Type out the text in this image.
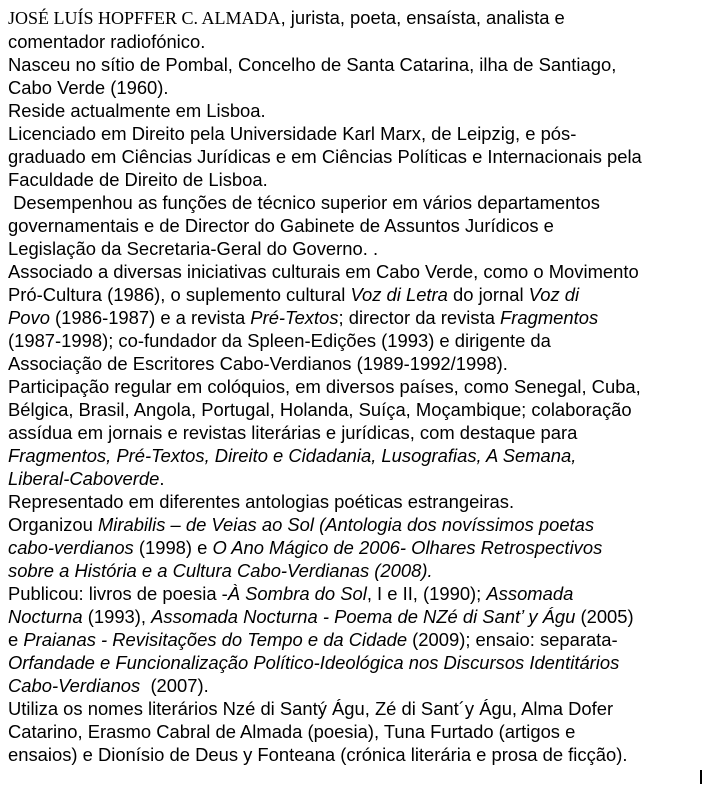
JOSÉ LUÍS HOPFFER C. ALMADA, jurista, poeta, ensaísta, analista e
comentador radiofónico.
Nasceu no sítio de Pombal, Concelho de Santa Catarina, ilha de Santiago,
Cabo Verde (1960).
Reside actualmente em Lisboa.
Licenciado em Direito pela Universidade Karl Marx, de Leipzig, e pós-
graduado em Ciências Jurídicas e em Ciências Políticas e Internacionais pela
Faculdade de Direito de Lisboa.
Desempenhou as funções de técnico superior em vários departamentos
governamentais e de Director do Gabinete de Assuntos Jurídicos e
Legislação da Secretaria-Geral do Governo. .
Associado a diversas iniciativas culturais em Cabo Verde, como o Movimento
Pró-Cultura (1986), o suplemento cultural Voz di Letra do jornal Voz di
Povo (1986-1987) e a revista Pré-Textos; director da revista Fragmentos
(1987-1998); co-fundador da Spleen-Edições (1993) e dirigente da
Associação de Escritores Cabo-Verdianos (1989-1992/1998).
Participação regular em colóquios, em diversos países, como Senegal, Cuba,
Bélgica, Brasil, Angola, Portugal, Holanda, Suíça, Moçambique; colaboração
assídua em jornais e revistas literárias e jurídicas, com destaque para
Fragmentos, Pré-Textos, Direito e Cidadania, Lusografias, A Semana,
Liberal-Caboverde.
Representado em diferentes antologias poéticas estrangeiras.
Organizou Mirabilis – de Veias ao Sol (Antologia dos novíssimos poetas
cabo-verdianos (1998) e O Ano Mágico de 2006- Olhares Retrospectivos
sobre a História e a Cultura Cabo-Verdianas (2008).
Publicou: livros de poesia -À Sombra do Sol, I e II, (1990); Assomada
Nocturna (1993), Assomada Nocturna - Poema de NZé di Sant’ y Águ (2005)
e Praianas - Revisitações do Tempo e da Cidade (2009); ensaio: separata-
Orfandade e Funcionalização Político-Ideológica nos Discursos Identitários
Cabo-Verdianos  (2007).
Utiliza os nomes literários Nzé di Santý Águ, Zé di Sant´y Águ, Alma Dofer
Catarino, Erasmo Cabral de Almada (poesia), Tuna Furtado (artigos e
ensaios) e Dionísio de Deus y Fonteana (crónica literária e prosa de ficção).
